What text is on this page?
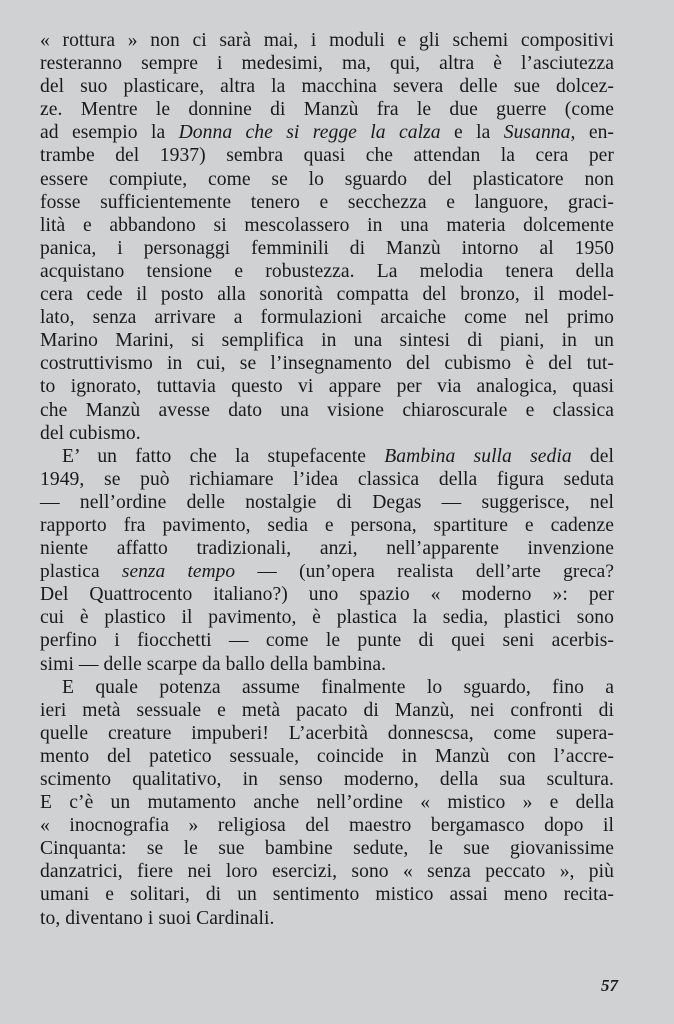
« rottura » non ci sarà mai, i moduli e gli schemi compositivi
resteranno sempre i medesimi, ma, qui, altra è l’asciutezza
del suo plasticare, altra la macchina severa delle sue dolcez-
ze. Mentre le donnine di Manzù fra le due guerre (come
ad esempio la Donna che si regge la calza e la Susanna, en-
trambe del 1937) sembra quasi che attendan la cera per
essere compiute, come se lo sguardo del plasticatore non
fosse sufficientemente tenero e secchezza e languore, graci-
lità e abbandono si mescolassero in una materia dolcemente
panica, i personaggi femminili di Manzù intorno al 1950
acquistano tensione e robustezza. La melodia tenera della
cera cede il posto alla sonorità compatta del bronzo, il model-
lato, senza arrivare a formulazioni arcaiche come nel primo
Marino Marini, si semplifica in una sintesi di piani, in un
costruttivismo in cui, se l’insegnamento del cubismo è del tut-
to ignorato, tuttavia questo vi appare per via analogica, quasi
che Manzù avesse dato una visione chiaroscurale e classica
del cubismo.
E’ un fatto che la stupefacente Bambina sulla sedia del
1949, se può richiamare l’idea classica della figura seduta
— nell’ordine delle nostalgie di Degas — suggerisce, nel
rapporto fra pavimento, sedia e persona, spartiture e cadenze
niente affatto tradizionali, anzi, nell’apparente invenzione
plastica senza tempo — (un’opera realista dell’arte greca?
Del Quattrocento italiano?) uno spazio « moderno »: per
cui è plastico il pavimento, è plastica la sedia, plastici sono
perfino i fiocchetti — come le punte di quei seni acerbis-
simi — delle scarpe da ballo della bambina.
E quale potenza assume finalmente lo sguardo, fino a
ieri metà sessuale e metà pacato di Manzù, nei confronti di
quelle creature impuberi! L’acerbità donnescsa, come supera-
mento del patetico sessuale, coincide in Manzù con l’accre-
scimento qualitativo, in senso moderno, della sua scultura.
E c’è un mutamento anche nell’ordine « mistico » e della
« inocnografia » religiosa del maestro bergamasco dopo il
Cinquanta: se le sue bambine sedute, le sue giovanissime
danzatrici, fiere nei loro esercizi, sono « senza peccato », più
umani e solitari, di un sentimento mistico assai meno recita-
to, diventano i suoi Cardinali.
57
